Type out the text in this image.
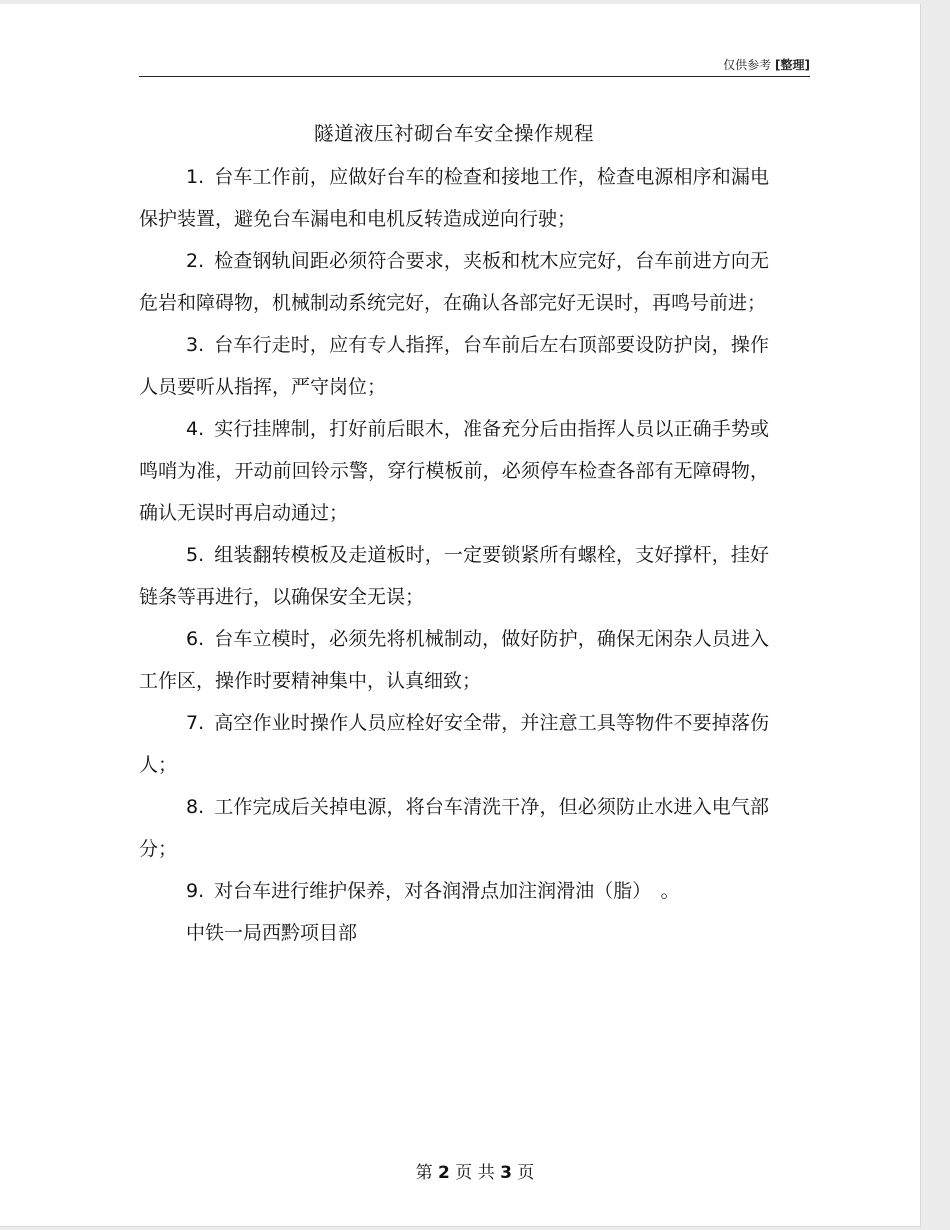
仅供参考 [整理]
隧道液压衬砌台车安全操作规程

1. 台车工作前，应做好台车的检查和接地工作，检查电源相序和漏电保护装置，避免台车漏电和电机反转造成逆向行驶；

2. 检查钢轨间距必须符合要求，夹板和枕木应完好，台车前进方向无危岩和障碍物，机械制动系统完好，在确认各部完好无误时，再鸣号前进；

3. 台车行走时，应有专人指挥，台车前后左右顶部要设防护岗，操作人员要听从指挥，严守岗位；

4. 实行挂牌制，打好前后眼木，准备充分后由指挥人员以正确手势或鸣哨为准，开动前回铃示警，穿行模板前，必须停车检查各部有无障碍物，确认无误时再启动通过；

5. 组装翻转模板及走道板时，一定要锁紧所有螺栓，支好撑杆，挂好链条等再进行，以确保安全无误；

6. 台车立模时，必须先将机械制动，做好防护，确保无闲杂人员进入工作区，操作时要精神集中，认真细致；

7. 高空作业时操作人员应栓好安全带，并注意工具等物件不要掉落伤人；

8. 工作完成后关掉电源，将台车清洗干净，但必须防止水进入电气部分；

9. 对台车进行维护保养，对各润滑点加注润滑油（脂）　。

中铁一局西黔项目部

第 2 页 共 3 页
